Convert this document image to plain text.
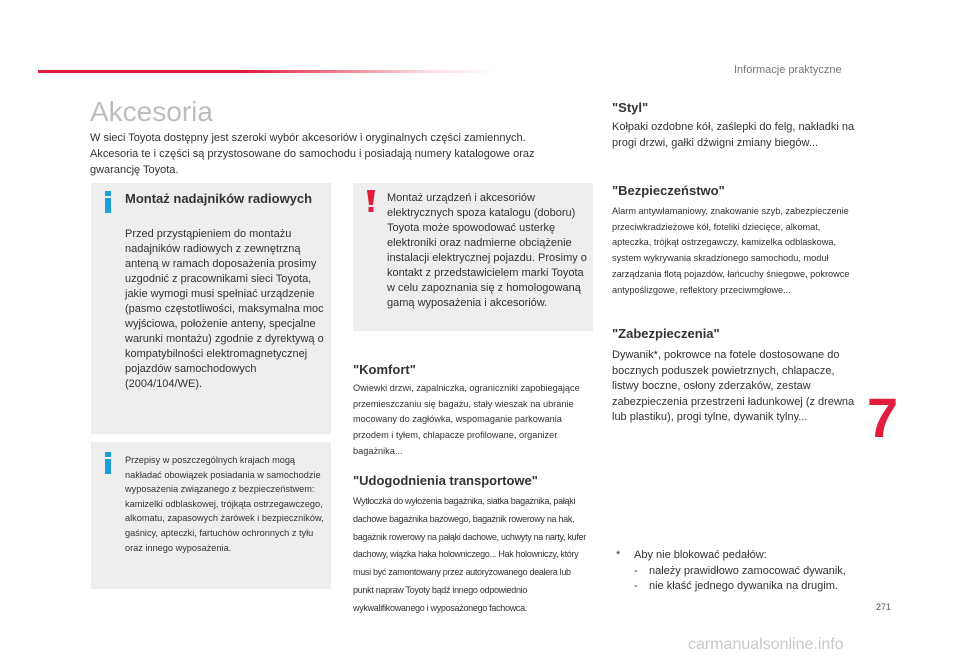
Informacje praktyczne
Akcesoria
W sieci Toyota dostępny jest szeroki wybór akcesoriów i oryginalnych części zamiennych. Akcesoria te i części są przystosowane do samochodu i posiadają numery katalogowe oraz gwarancję Toyota.
Montaż nadajników radiowych
Przed przystąpieniem do montażu nadajników radiowych z zewnętrzną anteną w ramach doposażenia prosimy uzgodnić z pracownikami sieci Toyota, jakie wymogi musi spełniać urządzenie (pasmo częstotliwości, maksymalna moc wyjściowa, położenie anteny, specjalne warunki montażu) zgodnie z dyrektywą o kompatybilności elektromagnetycznej pojazdów samochodowych (2004/104/WE).
Przepisy w poszczególnych krajach mogą nakładać obowiązek posiadania w samochodzie wyposażenia związanego z bezpieczeństwem: kamizelki odblaskowej, trójkąta ostrzegawczego, alkomatu, zapasowych żarówek i bezpieczników, gaśnicy, apteczki, fartuchów ochronnych z tyłu oraz innego wyposażenia.
Montaż urządzeń i akcesoriów elektrycznych spoza katalogu (doboru) Toyota może spowodować usterkę elektroniki oraz nadmierne obciążenie instalacji elektrycznej pojazdu. Prosimy o kontakt z przedstawicielem marki Toyota w celu zapoznania się z homologowaną gamą wyposażenia i akcesoriów.
"Komfort"
Owiewki drzwi, zapalniczka, ograniczniki zapobiegające przemieszczaniu się bagażu, stały wieszak na ubranie mocowany do zagłówka, wspomaganie parkowania przodem i tyłem, chlapacze profilowane, organizer bagażnika...
"Udogodnienia transportowe"
Wytłoczka do wyłożenia bagażnika, siatka bagażnika, pałąki dachowe bagażnika bazowego, bagażnik rowerowy na hak, bagażnik rowerowy na pałąki dachowe, uchwyty na narty, kufer dachowy, wiązka haka holowniczego... Hak holowniczy, który musi być zamontowany przez autoryzowanego dealera lub punkt napraw Toyoty bądź innego odpowiednio wykwalifikowanego i wyposażonego fachowca.
"Styl"
Kołpaki ozdobne kół, zaślepki do felg, nakładki na progi drzwi, gałki dźwigni zmiany biegów...
"Bezpieczeństwo"
Alarm antywłamaniowy, znakowanie szyb, zabezpieczenie przeciwkradzieżowe kół, foteliki dziecięce, alkomat, apteczka, trójkąt ostrzegawczy, kamizelka odblaskowa, system wykrywania skradzionego samochodu, moduł zarządzania flotą pojazdów, łańcuchy śniegowe, pokrowce antypoślizgowe, reflektory przeciwmgłowe...
"Zabezpieczenia"
Dywanik*, pokrowce na fotele dostosowane do bocznych poduszek powietrznych, chlapacze, listwy boczne, osłony zderzaków, zestaw zabezpieczenia przestrzeni ładunkowej (z drewna lub plastiku), progi tylne, dywanik tylny...
*	Aby nie blokować pedałów:
-	należy prawidłowo zamocować dywanik,
-	nie kłaść jednego dywanika na drugim.
7
271
carmanualsonline.info
